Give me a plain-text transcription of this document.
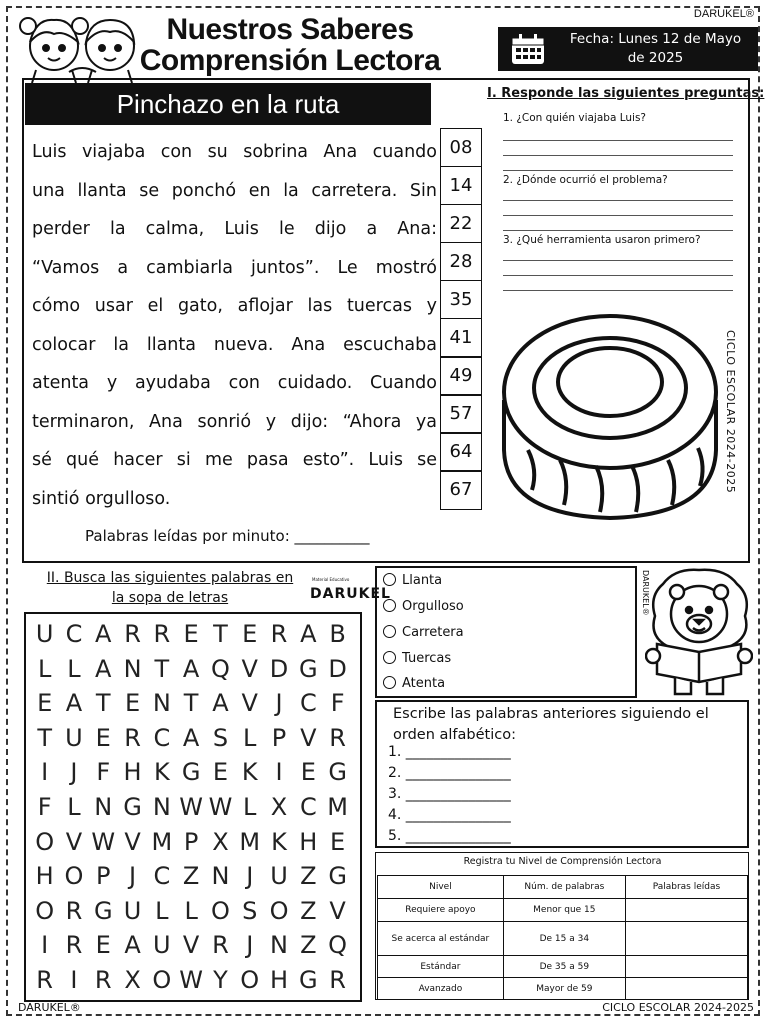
Nuestros Saberes
Comprensión Lectora
DARUKEL®
Fecha: Lunes 12 de Mayo
de 2025
Pinchazo en la ruta
Luis viajaba con su sobrina Ana cuando
una llanta se ponchó en la carretera. Sin
perder la calma, Luis le dijo a Ana:
“Vamos a cambiarla juntos”. Le mostró
cómo usar el gato, aflojar las tuercas y
colocar la llanta nueva. Ana escuchaba
atenta y ayudaba con cuidado. Cuando
terminaron, Ana sonrió y dijo: “Ahora ya
sé qué hacer si me pasa esto”. Luis se
sintió orgulloso.
08
14
22
28
35
41
49
57
64
67
Palabras leídas por minuto: __________
I. Responde las siguientes preguntas:
1. ¿Con quién viajaba Luis?
2. ¿Dónde ocurrió el problema?
3. ¿Qué herramienta usaron primero?
CICLO ESCOLAR 2024-2025
II. Busca las siguientes palabras en
la sopa de letras
Material Educativo
DARUKEL
U C A R R E T E R A B
L L A N T A Q V D G D
E A T E N T A V J C F
T U E R C A S L P V R
I J F H K G E K I E G
F L N G N W W L X C M
O V W V M P X M K H E
H O P J C Z N J U Z G
O R G U L L O S O Z V
I R E A U V R J N Z Q
R I R X O W Y O H G R
Llanta
Orgulloso
Carretera
Tuercas
Atenta
DARUKEL®
Escribe las palabras anteriores siguiendo el orden alfabético:
1. _______________
2. _______________
3. _______________
4. _______________
5. _______________
Registra tu Nivel de Comprensión Lectora
Nivel	Núm. de palabras	Palabras leídas
Requiere apoyo	Menor que 15	
Se acerca al estándar	De 15 a 34	
Estándar	De 35 a 59	
Avanzado	Mayor de 59	
DARUKEL®	CICLO ESCOLAR 2024-2025
